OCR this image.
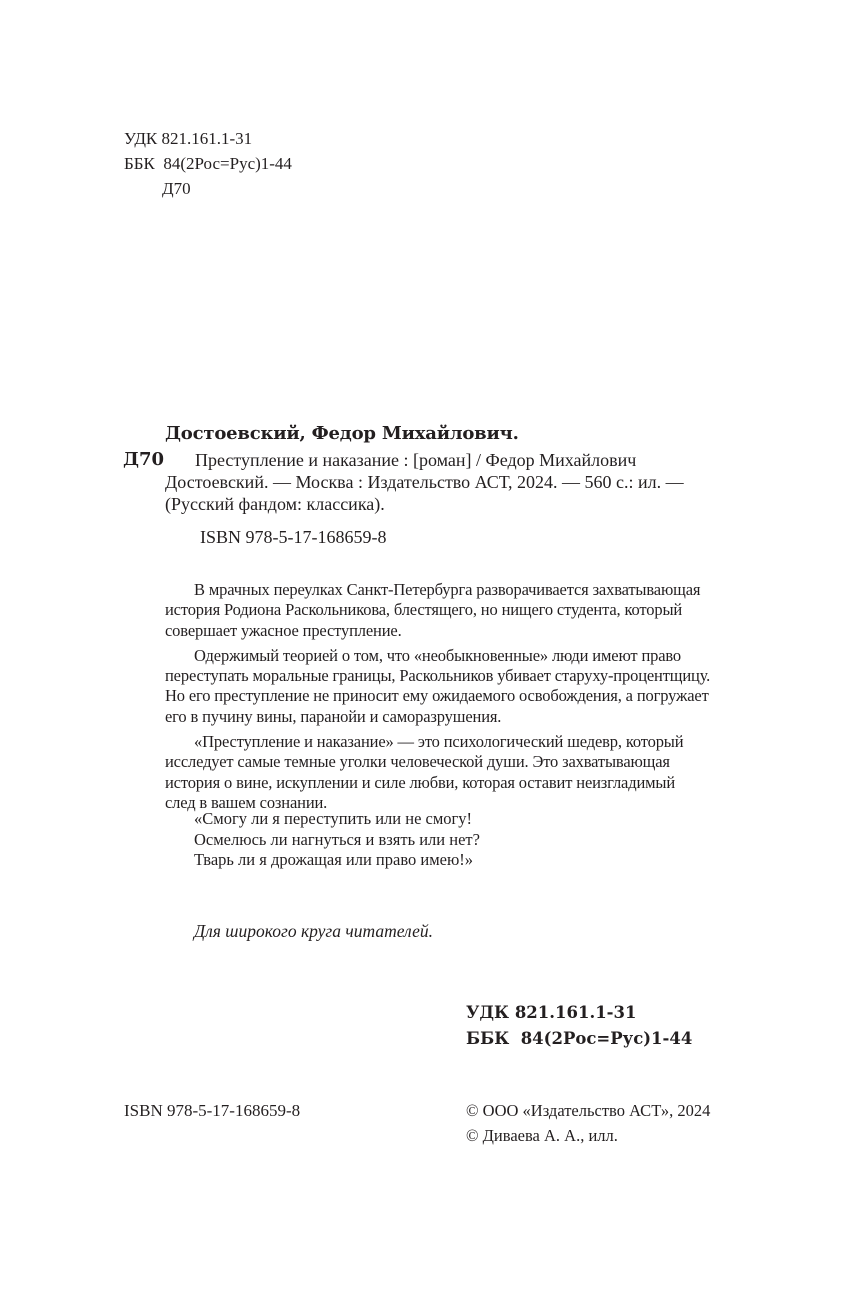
УДК 821.161.1-31
ББК  84(2Рос=Рус)1-44
Д70
Достоевский, Федор Михайлович.
Д70	Преступление и наказание : [роман] / Федор Михайлович
Достоевский. — Москва : Издательство АСТ, 2024. — 560 с.: ил. —
(Русский фандом: классика).
ISBN 978-5-17-168659-8

В мрачных переулках Санкт-Петербурга разворачивается захватывающая
история Родиона Раскольникова, блестящего, но нищего студента, который
совершает ужасное преступление.

Одержимый теорией о том, что «необыкновенные» люди имеют право
переступать моральные границы, Раскольников убивает старуху-процентщицу.
Но его преступление не приносит ему ожидаемого освобождения, а погружает
его в пучину вины, паранойи и саморазрушения.

«Преступление и наказание» — это психологический шедевр, который
исследует самые темные уголки человеческой души. Это захватывающая
история о вине, искуплении и силе любви, которая оставит неизгладимый
след в вашем сознании.

«Смогу ли я переступить или не смогу!
Осмелюсь ли нагнуться и взять или нет?
Тварь ли я дрожащая или право имею!»
Для широкого круга читателей.
УДК 821.161.1-31
ББК  84(2Рос=Рус)1-44
ISBN 978-5-17-168659-8	© ООО «Издательство АСТ», 2024
© Диваева А. А., илл.
